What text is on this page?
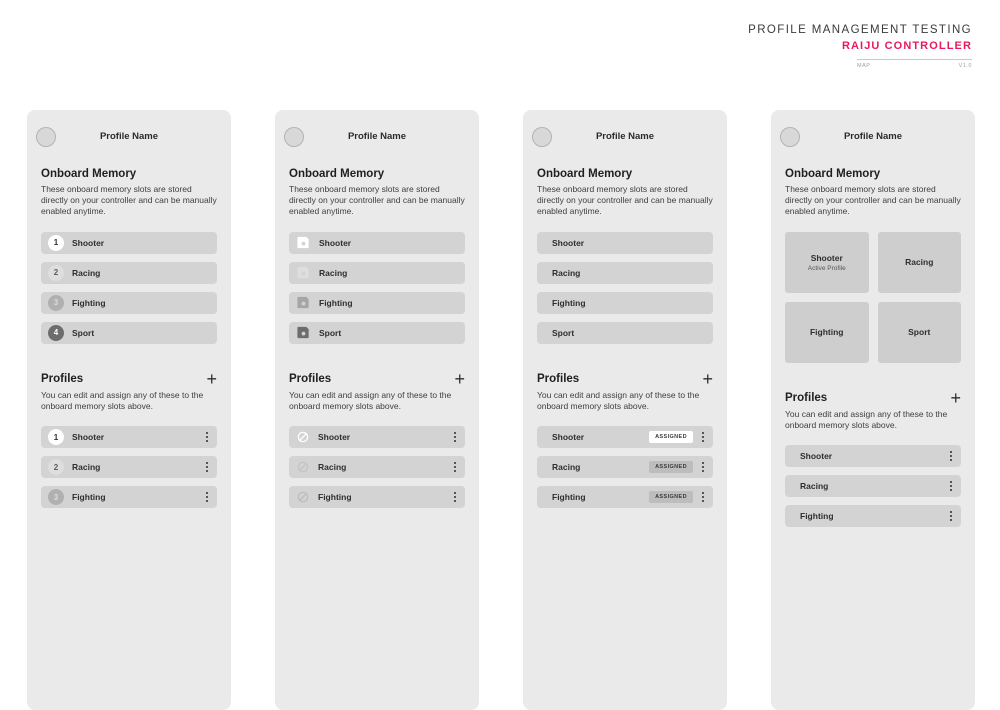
PROFILE MANAGEMENT TESTING
RAIJU CONTROLLER
MAP	V1.0
Profile Name
Onboard Memory
These onboard memory slots are stored directly on your controller and can be manually enabled anytime.
1	Shooter
2	Racing
3	Fighting
4	Sport
Profiles	+
You can edit and assign any of these to the onboard memory slots above.
1	Shooter
2	Racing
3	Fighting
Profile Name
Onboard Memory
These onboard memory slots are stored directly on your controller and can be manually enabled anytime.
Shooter
Racing
Fighting
Sport
Profiles	+
You can edit and assign any of these to the onboard memory slots above.
Shooter
Racing
Fighting
Profile Name
Onboard Memory
These onboard memory slots are stored directly on your controller and can be manually enabled anytime.
Shooter
Racing
Fighting
Sport
Profiles	+
You can edit and assign any of these to the onboard memory slots above.
Shooter	ASSIGNED
Racing	ASSIGNED
Fighting	ASSIGNED
Profile Name
Onboard Memory
These onboard memory slots are stored directly on your controller and can be manually enabled anytime.
Shooter
Active Profile
Racing
Fighting	Sport
Profiles	+
You can edit and assign any of these to the onboard memory slots above.
Shooter
Racing
Fighting
